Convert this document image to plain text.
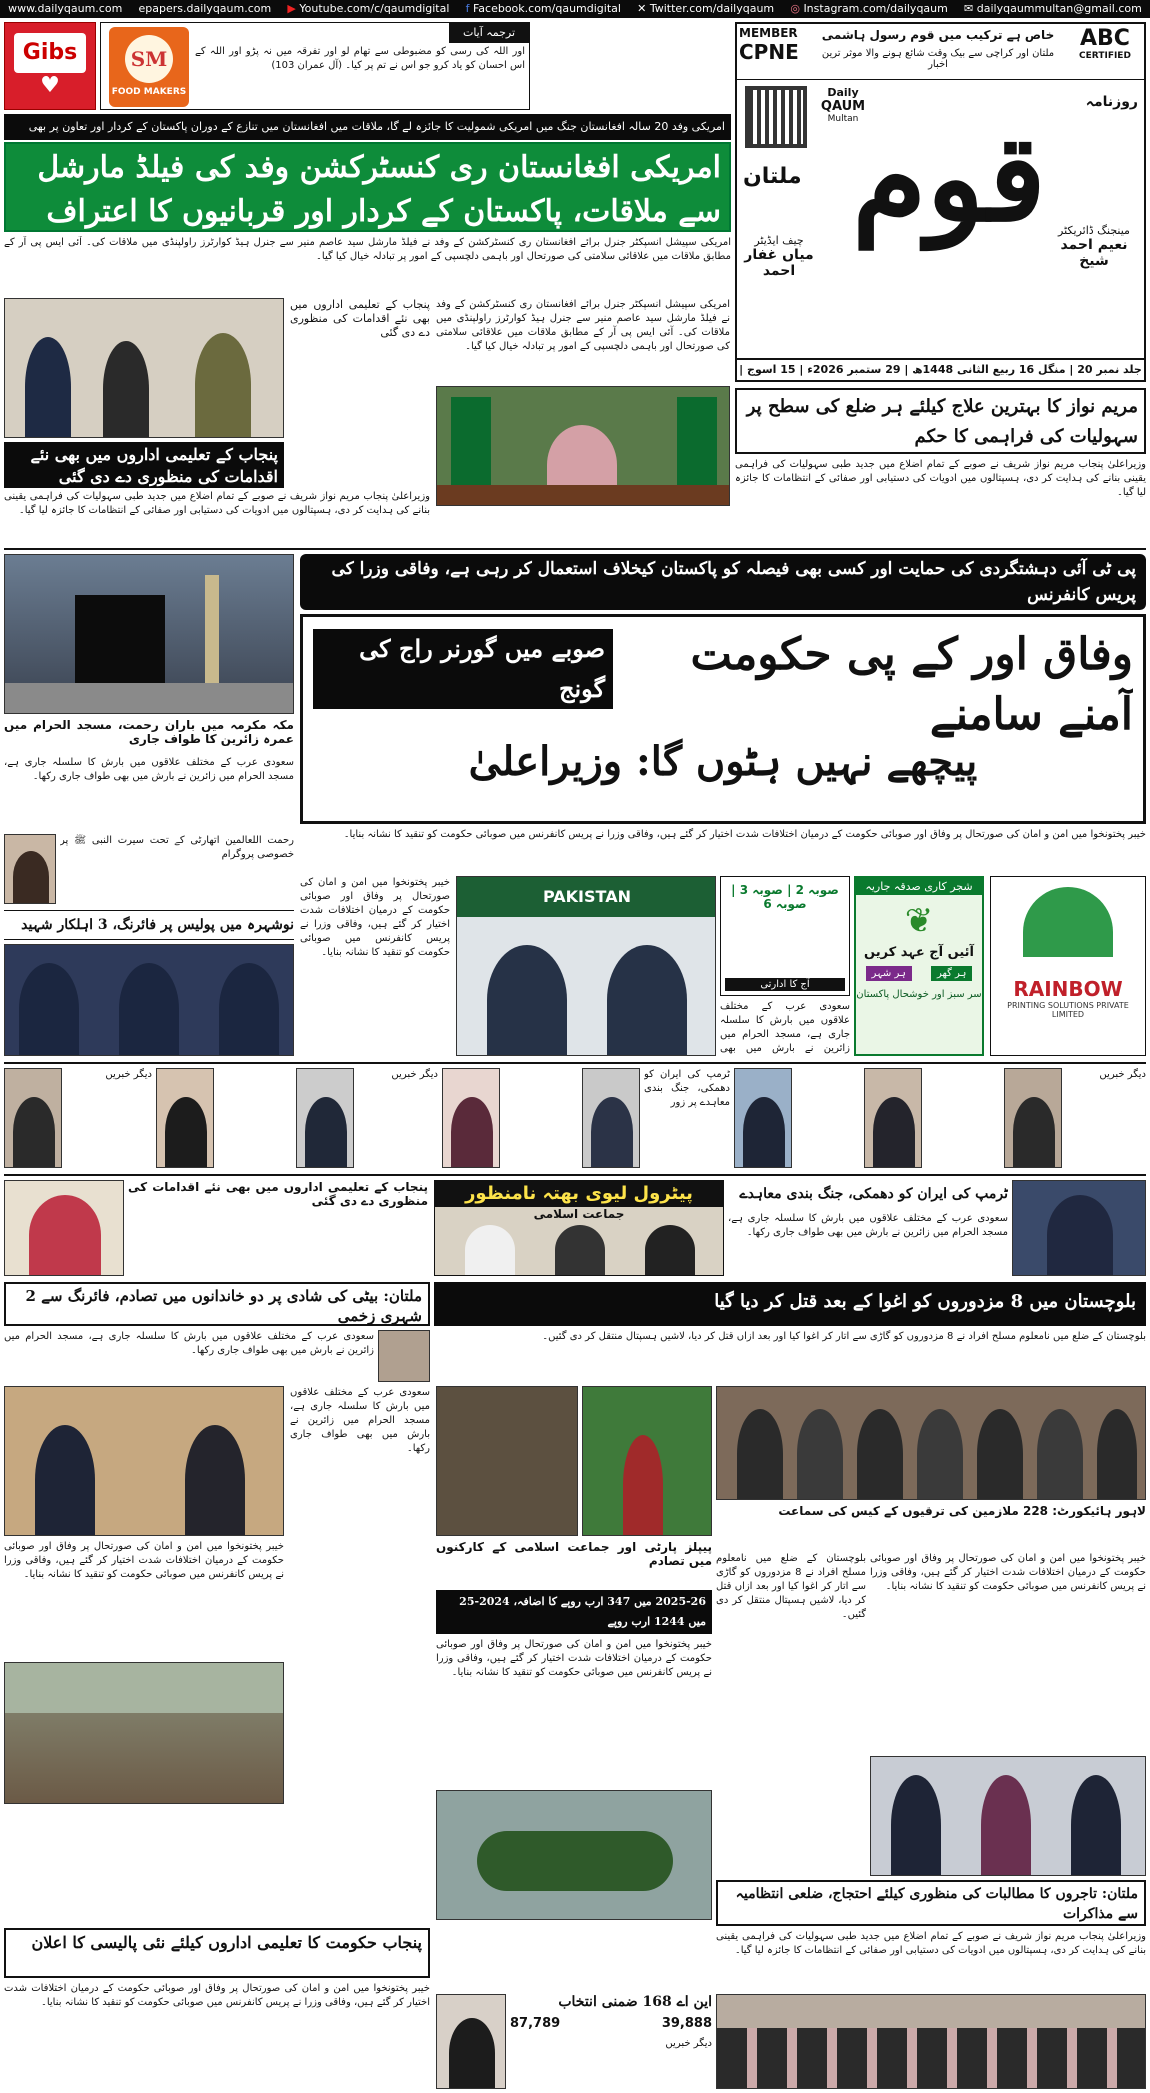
www.dailyqaum.com epapers.dailyqaum.com ▶ Youtube.com/c/qaumdigital f Facebook.com/qaumdigital ✕ Twitter.com/dailyqaum ◎ Instagram.com/dailyqaum ✉ dailyqaummultan@gmail.com
Gibs
♥
ترجمہ آیات
اور اللہ کی رسی کو مضبوطی سے تھام لو اور تفرقہ میں نہ پڑو اور اللہ کے اس احسان کو یاد کرو جو اس نے تم پر کیا۔ (آل عمران 103)
SM
FOOD MAKERS
MEMBER
CPNE
خاص ہے ترکیب میں قوم رسول ہاشمی
ملتان اور کراچی سے بیک وقت شائع ہونے والا موثر ترین اخبار
ABC
CERTIFIED
Daily
QAUM
Multan
روزنامہ
قوم
ملتان
چیف ایڈیٹر
میاں غفار احمد
مینجنگ ڈائریکٹر
نعیم احمد شیخ
جلد نمبر 20 | منگل 16 ربیع الثانی 1448ھ | 29 ستمبر 2026ء | 15 اسوج |
امریکی وفد 20 سالہ افغانستان جنگ میں امریکی شمولیت کا جائزہ لے گا، ملاقات میں افغانستان میں تنازع کے دوران پاکستان کے کردار اور تعاون پر بھی
امریکی افغانستان ری کنسٹرکشن وفد کی فیلڈ مارشل سے ملاقات، پاکستان کے کردار اور قربانیوں کا اعتراف
امریکی سپیشل انسپکٹر جنرل برائے افغانستان ری کنسٹرکشن کے وفد نے فیلڈ مارشل سید عاصم منیر سے جنرل ہیڈ کوارٹرز راولپنڈی میں ملاقات کی۔ آئی ایس پی آر کے مطابق ملاقات میں علاقائی سلامتی کی صورتحال اور باہمی دلچسپی کے امور پر تبادلہ خیال کیا گیا۔
پنجاب کے تعلیمی اداروں میں بھی نئے اقدامات کی منظوری دے دی گئی
امریکی سپیشل انسپکٹر جنرل برائے افغانستان ری کنسٹرکشن کے وفد نے فیلڈ مارشل سید عاصم منیر سے جنرل ہیڈ کوارٹرز راولپنڈی میں ملاقات کی۔ آئی ایس پی آر کے مطابق ملاقات میں علاقائی سلامتی کی صورتحال اور باہمی دلچسپی کے امور پر تبادلہ خیال کیا گیا۔
مریم نواز کا بہترین علاج کیلئے ہر ضلع کی سطح پر سہولیات کی فراہمی کا حکم
وزیراعلیٰ پنجاب مریم نواز شریف نے صوبے کے تمام اضلاع میں جدید طبی سہولیات کی فراہمی یقینی بنانے کی ہدایت کر دی، ہسپتالوں میں ادویات کی دستیابی اور صفائی کے انتظامات کا جائزہ لیا گیا۔
پنجاب کے تعلیمی اداروں میں بھی نئے اقدامات کی منظوری دے دی گئی
وزیراعلیٰ پنجاب مریم نواز شریف نے صوبے کے تمام اضلاع میں جدید طبی سہولیات کی فراہمی یقینی بنانے کی ہدایت کر دی، ہسپتالوں میں ادویات کی دستیابی اور صفائی کے انتظامات کا جائزہ لیا گیا۔
پی ٹی آئی دہشتگردی کی حمایت اور کسی بھی فیصلہ کو پاکستان کیخلاف استعمال کر رہی ہے، وفاقی وزرا کی پریس کانفرنس
وفاق اور کے پی حکومت آمنے سامنے
صوبے میں گورنر راج کی گونج
پیچھے نہیں ہٹوں گا: وزیراعلیٰ
خیبر پختونخوا میں امن و امان کی صورتحال پر وفاق اور صوبائی حکومت کے درمیان اختلافات شدت اختیار کر گئے ہیں، وفاقی وزرا نے پریس کانفرنس میں صوبائی حکومت کو تنقید کا نشانہ بنایا۔
مکہ مکرمہ میں باران رحمت، مسجد الحرام میں عمرہ زائرین کا طواف جاری
سعودی عرب کے مختلف علاقوں میں بارش کا سلسلہ جاری ہے، مسجد الحرام میں زائرین نے بارش میں بھی طواف جاری رکھا۔
رحمت اللعالمین اتھارٹی کے تحت سیرت النبی ﷺ پر خصوصی پروگرام
نوشہرہ میں پولیس پر فائرنگ، 3 اہلکار شہید
خیبر پختونخوا میں امن و امان کی صورتحال پر وفاق اور صوبائی حکومت کے درمیان اختلافات شدت اختیار کر گئے ہیں، وفاقی وزرا نے پریس کانفرنس میں صوبائی حکومت کو تنقید کا نشانہ بنایا۔
PAKISTAN	صوبہ 2 | صوبہ 3 | صوبہ 6
آج کا ادارتی
شجر کاری صدقہ جاریہ
❦
آئیں آج عہد کریں
ہر شہر	ہر گھر
سر سبز اور خوشحال پاکستان	RAINBOW
PRINTING SOLUTIONS PRIVATE LIMITED
سعودی عرب کے مختلف علاقوں میں بارش کا سلسلہ جاری ہے، مسجد الحرام میں زائرین نے بارش میں بھی
دیگر خبریں	دیگر خبریں	ٹرمپ کی ایران کو دھمکی، جنگ بندی معاہدے پر زور
دیگر خبریں
پنجاب کے تعلیمی اداروں میں بھی نئے اقدامات کی منظوری دے دی گئی	پیٹرول لیوی بھتہ نامنظور
جماعت اسلامی
ٹرمپ کی ایران کو دھمکی، جنگ بندی معاہدے
سعودی عرب کے مختلف علاقوں میں بارش کا سلسلہ جاری ہے، مسجد الحرام میں زائرین نے بارش میں بھی طواف جاری رکھا۔
ملتان: بیٹی کی شادی پر دو خاندانوں میں تصادم، فائرنگ سے 2 شہری زخمی
بلوچستان میں 8 مزدوروں کو اغوا کے بعد قتل کر دیا گیا
بلوچستان کے ضلع میں نامعلوم مسلح افراد نے 8 مزدوروں کو گاڑی سے اتار کر اغوا کیا اور بعد ازاں قتل کر دیا، لاشیں ہسپتال منتقل کر دی گئیں۔
سعودی عرب کے مختلف علاقوں میں بارش کا سلسلہ جاری ہے، مسجد الحرام میں زائرین نے بارش میں بھی طواف جاری رکھا۔
خیبر پختونخوا میں امن و امان کی صورتحال پر وفاق اور صوبائی حکومت کے درمیان اختلافات شدت اختیار کر گئے ہیں، وفاقی وزرا نے پریس کانفرنس میں صوبائی حکومت کو تنقید کا نشانہ بنایا۔
سعودی عرب کے مختلف علاقوں میں بارش کا سلسلہ جاری ہے، مسجد الحرام میں زائرین نے بارش میں بھی طواف جاری رکھا۔
لاہور ہائیکورٹ: 228 ملازمین کی ترقیوں کے کیس کی سماعت
پیپلز پارٹی اور جماعت اسلامی کے کارکنوں میں تصادم
2025-26 میں 347 ارب روپے کا اضافہ، 2024-25 میں 1244 ارب روپے
خیبر پختونخوا میں امن و امان کی صورتحال پر وفاق اور صوبائی حکومت کے درمیان اختلافات شدت اختیار کر گئے ہیں، وفاقی وزرا نے پریس کانفرنس میں صوبائی حکومت کو تنقید کا نشانہ بنایا۔
بلوچستان کے ضلع میں نامعلوم مسلح افراد نے 8 مزدوروں کو گاڑی سے اتار کر اغوا کیا اور بعد ازاں قتل کر دیا، لاشیں ہسپتال منتقل کر دی گئیں۔
خیبر پختونخوا میں امن و امان کی صورتحال پر وفاق اور صوبائی حکومت کے درمیان اختلافات شدت اختیار کر گئے ہیں، وفاقی وزرا نے پریس کانفرنس میں صوبائی حکومت کو تنقید کا نشانہ بنایا۔
ملتان: تاجروں کا مطالبات کی منظوری کیلئے احتجاج، ضلعی انتظامیہ سے مذاکرات
وزیراعلیٰ پنجاب مریم نواز شریف نے صوبے کے تمام اضلاع میں جدید طبی سہولیات کی فراہمی یقینی بنانے کی ہدایت کر دی، ہسپتالوں میں ادویات کی دستیابی اور صفائی کے انتظامات کا جائزہ لیا گیا۔
پنجاب حکومت کا تعلیمی اداروں کیلئے نئی پالیسی کا اعلان
خیبر پختونخوا میں امن و امان کی صورتحال پر وفاق اور صوبائی حکومت کے درمیان اختلافات شدت اختیار کر گئے ہیں، وفاقی وزرا نے پریس کانفرنس میں صوبائی حکومت کو تنقید کا نشانہ بنایا۔	این اے 168 ضمنی انتخاب
87,789	39,888
دیگر خبریں
